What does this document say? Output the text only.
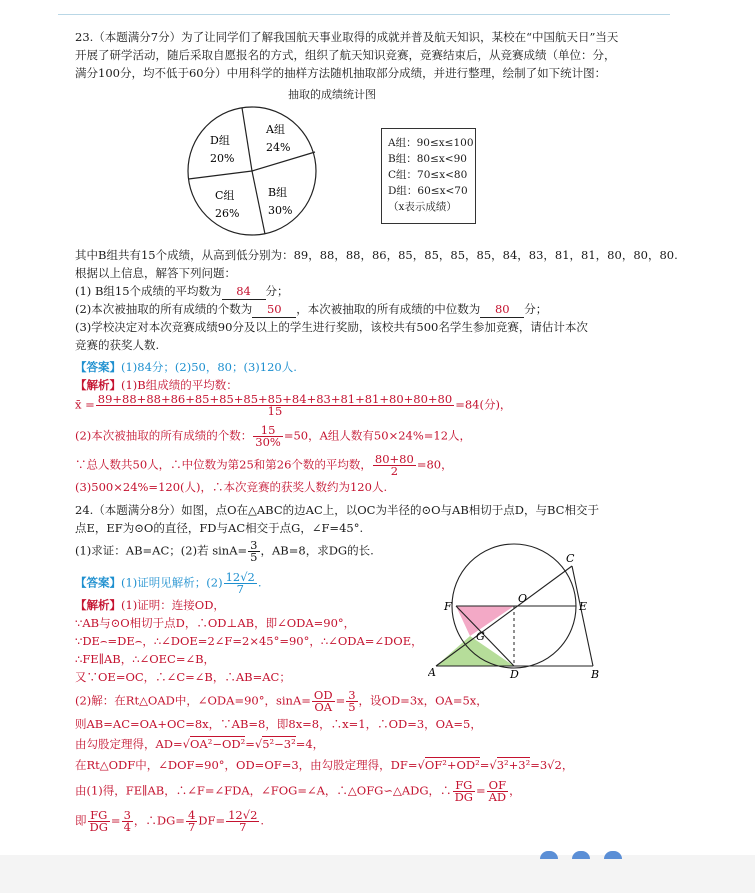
23.（本题满分7分）为了让同学们了解我国航天事业取得的成就并普及航天知识，某校在“中国航天日”当天
开展了研学活动，随后采取自愿报名的方式，组织了航天知识竞赛，竞赛结束后，从竞赛成绩（单位：分，
满分100分，均不低于60分）中用科学的抽样方法随机抽取部分成绩，并进行整理，绘制了如下统计图：
抽取的成绩统计图
A组
24%
B组
30%
C组
26%
D组
20%
A组：90≤x≤100
B组：80≤x<90
C组：70≤x<80
D组：60≤x<70
（x表示成绩）
其中B组共有15个成绩，从高到低分别为：89，88，88，86，85，85，85，85，84，83，81，81，80，80，80.
根据以上信息，解答下列问题：
(1) B组15个成绩的平均数为 84 分；
(2)本次被抽取的所有成绩的个数为 50 ，本次被抽取的所有成绩的中位数为 80 分；
(3)学校决定对本次竞赛成绩90分及以上的学生进行奖励，该校共有500名学生参加竞赛，请估计本次
竞赛的获奖人数.
【答案】(1)84分；(2)50，80；(3)120人.
【解析】(1)B组成绩的平均数：
x̄ = $\frac{89+88+88+86+85+85+85+85+84+83+81+81+80+80+80}{15} =84$(分)，
(2)本次被抽取的所有成绩的个数： $\frac{15}{30\%} =50$，A组人数有50×24%=12人，
∵总人数共50人，∴中位数为第25和第26个数的平均数， $\frac{80+80}{2} =80$，
(3)500×24%=120(人)，∴本次竞赛的获奖人数约为120人.
24.（本题满分8分）如图，点O在△ABC的边AC上，以OC为半径的⊙O与AB相切于点D，与BC相交于
点E，EF为⊙O的直径，FD与AC相交于点G，∠F=45°.
(1)求证：AB=AC；(2)若 $\sin A= \frac{3}{5}$ ，AB=8，求DG的长.
【答案】(1)证明见解析；$(2) \frac{12√2}{7}$ .
【解析】(1)证明：连接OD，
∵AB与⊙O相切于点D，∴OD⊥AB，即∠ODA=90°，
∵DE⌢=DE⌢，∴∠DOE=2∠F=2×45°=90°，∴∠ODA=∠DOE，
∴FE∥AB，∴∠OEC=∠B，
又∵OE=OC，∴∠C=∠B，∴AB=AC；
(2)解：在Rt△OAD中，∠ODA=90°，$\sin A= \frac{OD}{OA} = \frac{3}{5}$ ，设OD=3x，OA=5x，
则AB=AC=OA+OC=8x，∵AB=8，即8x=8，∴x=1，∴OD=3，OA=5，
由勾股定理得，AD=√OA²−OD²=√5²−3²=4，
在Rt△ODF中，∠DOF=90°，OD=OF=3，由勾股定理得，DF=√OF²+OD²=√3²+3²=3√2，
由(1)得，FE∥AB，∴∠F=∠FDA，∠FOG=∠A，∴△OFG∽△ADG，∴ $\frac{FG}{DG} = \frac{OF}{AD}$ ，
即 $\frac{FG}{DG} = \frac{3}{4}$ ，∴DG= $\frac{4}{7} DF= \frac{12√2}{7}$ .
A	B
C
D
E
F
G
O
